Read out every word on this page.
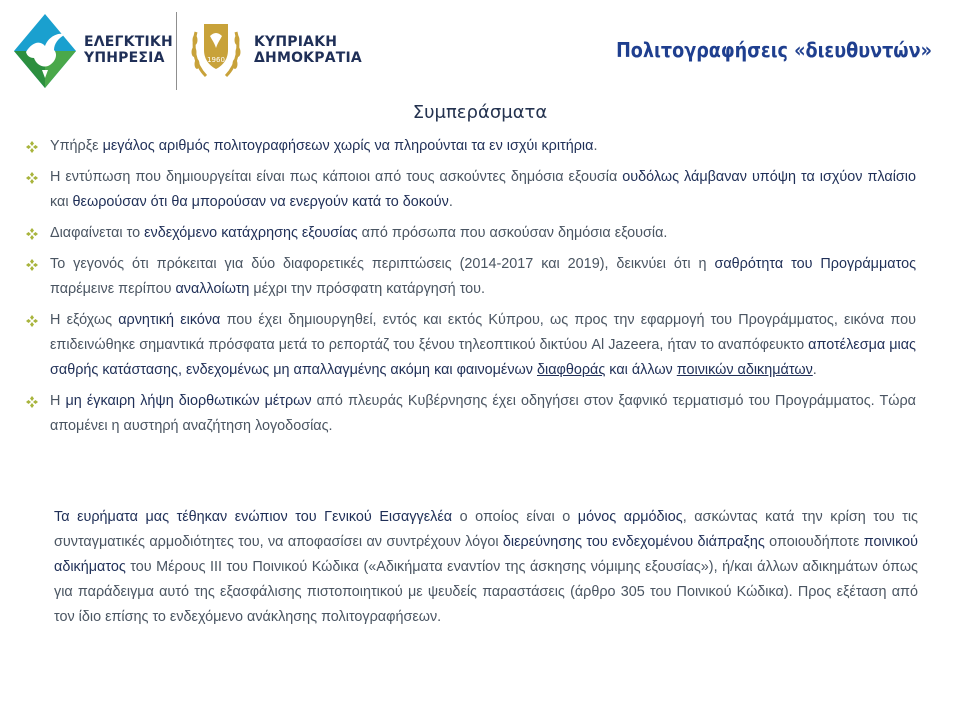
ΕΛΕΓΚΤΙΚΗ
ΥΠΗΡΕΣΙΑ	1960
ΚΥΠΡΙΑΚΗ
ΔΗΜΟΚΡΑΤΙΑ	Πολιτογραφήσεις «διευθυντών»
Συμπεράσματα
Υπήρξε μεγάλος αριθμός πολιτογραφήσεων χωρίς να πληρούνται τα εν ισχύι κριτήρια.
Η εντύπωση που δημιουργείται είναι πως κάποιοι από τους ασκούντες δημόσια εξουσία ουδόλως λάμβαναν υπόψη τα ισχύον πλαίσιο και θεωρούσαν ότι θα μπορούσαν να ενεργούν κατά το δοκούν.
Διαφαίνεται το ενδεχόμενο κατάχρησης εξουσίας από πρόσωπα που ασκούσαν δημόσια εξουσία.
Το γεγονός ότι πρόκειται για δύο διαφορετικές περιπτώσεις (2014-2017 και 2019), δεικνύει ότι η σαθρότητα του Προγράμματος παρέμεινε περίπου αναλλοίωτη μέχρι την πρόσφατη κατάργησή του.
Η εξόχως αρνητική εικόνα που έχει δημιουργηθεί, εντός και εκτός Κύπρου, ως προς την εφαρμογή του Προγράμματος, εικόνα που επιδεινώθηκε σημαντικά πρόσφατα μετά το ρεπορτάζ του ξένου τηλεοπτικού δικτύου Al Jazeera, ήταν το αναπόφευκτο αποτέλεσμα μιας σαθρής κατάστασης, ενδεχομένως μη απαλλαγμένης ακόμη και φαινομένων διαφθοράς και άλλων ποινικών αδικημάτων.
Η μη έγκαιρη λήψη διορθωτικών μέτρων από πλευράς Κυβέρνησης έχει οδηγήσει στον ξαφνικό τερματισμό του Προγράμματος. Τώρα απομένει η αυστηρή αναζήτηση λογοδοσίας.

Τα ευρήματα μας τέθηκαν ενώπιον του Γενικού Εισαγγελέα ο οποίος είναι ο μόνος αρμόδιος, ασκώντας κατά την κρίση του τις συνταγματικές αρμοδιότητες του, να αποφασίσει αν συντρέχουν λόγοι διερεύνησης του ενδεχομένου διάπραξης οποιουδήποτε ποινικού αδικήματος του Μέρους ΙΙΙ του Ποινικού Κώδικα («Αδικήματα εναντίον της άσκησης νόμιμης εξουσίας»), ή/και άλλων αδικημάτων όπως για παράδειγμα αυτό της εξασφάλισης πιστοποιητικού με ψευδείς παραστάσεις (άρθρο 305 του Ποινικού Κώδικα). Προς εξέταση από τον ίδιο επίσης το ενδεχόμενο ανάκλησης πολιτογραφήσεων.
